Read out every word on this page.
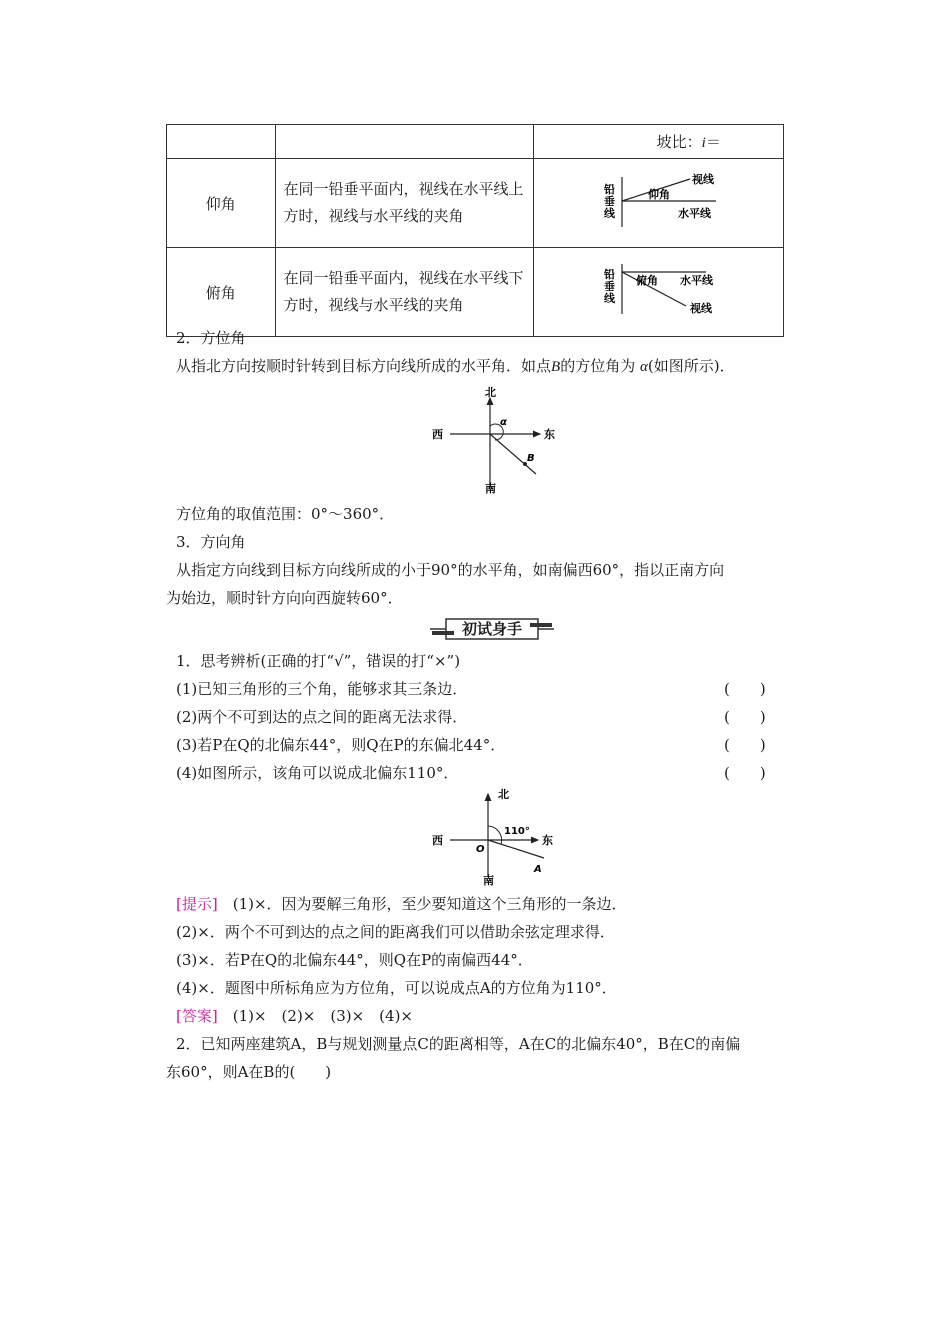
		坡比：i＝
仰角	在同一铅垂平面内，视线在水平线上方时，视线与水平线的夹角	铅垂线
视线
仰角
水平线

俯角	在同一铅垂平面内，视线在水平线下方时，视线与水平线的夹角	铅垂线
俯角 水平线
视线
2．方位角
从指北方向按顺时针转到目标方向线所成的水平角．如点B的方位角为 α(如图所示)．
北
南
西	东
α
B
方位角的取值范围：0°～360°．
3．方向角
从指定方向线到目标方向线所成的小于90°的水平角，如南偏西60°，指以正南方向
为始边，顺时针方向向西旋转60°．
初试身手
1．思考辨析(正确的打“√”，错误的打“×”)
(1)已知三角形的三个角，能够求其三条边．	(　　)
(2)两个不可到达的点之间的距离无法求得．	(　　)
(3)若P在Q的北偏东44°，则Q在P的东偏北44°．	(　　)
(4)如图所示，该角可以说成北偏东110°．	(　　)
北
南
西	东
110°
O
A
[提示]　 (1)×．因为要解三角形，至少要知道这个三角形的一条边．
(2)×．两个不可到达的点之间的距离我们可以借助余弦定理求得．
(3)×．若P在Q的北偏东44°，则Q在P的南偏西44°．
(4)×．题图中所标角应为方位角，可以说成点A的方位角为110°．
[答案]　 (1)×　(2)×　(3)×　(4)×
2．已知两座建筑A，B与规划测量点C的距离相等，A在C的北偏东40°，B在C的南偏
东60°，则A在B的(　　)
